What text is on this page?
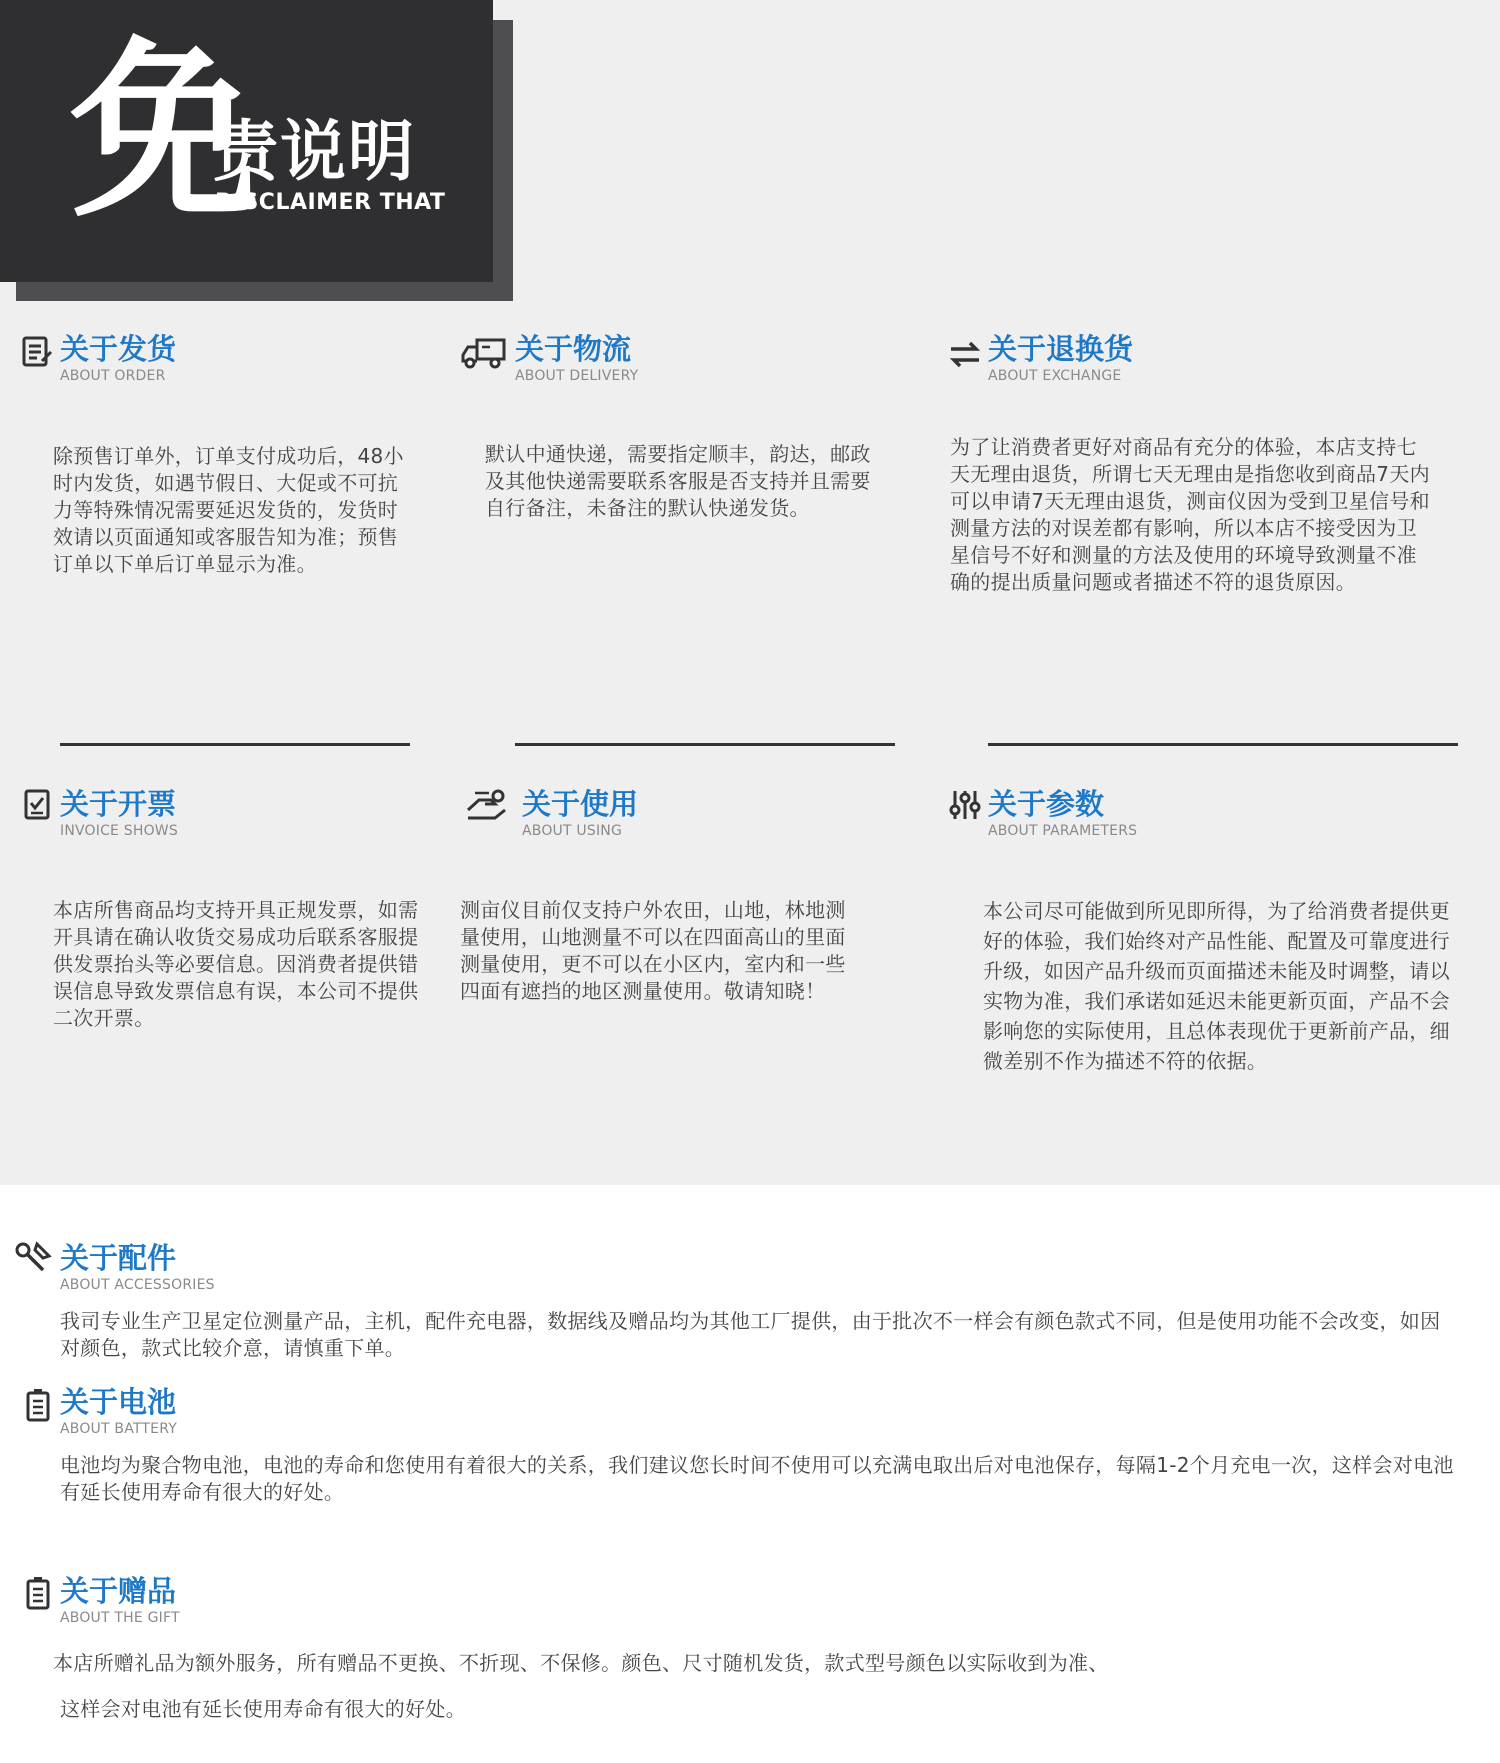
免
责说明
DISCLAIMER THAT
关于发货
ABOUT ORDER
除预售订单外，订单支付成功后，48小时内发货，如遇节假日、大促或不可抗力等特殊情况需要延迟发货的，发货时效请以页面通知或客服告知为准；预售订单以下单后订单显示为准。
关于物流
ABOUT DELIVERY
默认中通快递，需要指定顺丰，韵达，邮政及其他快递需要联系客服是否支持并且需要自行备注，未备注的默认快递发货。
关于退换货
ABOUT EXCHANGE
为了让消费者更好对商品有充分的体验，本店支持七天无理由退货，所谓七天无理由是指您收到商品7天内可以申请7天无理由退货，测亩仪因为受到卫星信号和测量方法的对误差都有影响，所以本店不接受因为卫星信号不好和测量的方法及使用的环境导致测量不准确的提出质量问题或者描述不符的退货原因。
关于开票
INVOICE SHOWS
本店所售商品均支持开具正规发票，如需开具请在确认收货交易成功后联系客服提供发票抬头等必要信息。因消费者提供错误信息导致发票信息有误，本公司不提供二次开票。
关于使用
ABOUT USING
测亩仪目前仅支持户外农田，山地，林地测量使用，山地测量不可以在四面高山的里面测量使用，更不可以在小区内，室内和一些四面有遮挡的地区测量使用。敬请知晓！
关于参数
ABOUT PARAMETERS
本公司尽可能做到所见即所得，为了给消费者提供更好的体验，我们始终对产品性能、配置及可靠度进行升级，如因产品升级而页面描述未能及时调整，请以实物为准，我们承诺如延迟未能更新页面，产品不会影响您的实际使用，且总体表现优于更新前产品，细微差别不作为描述不符的依据。
关于配件
ABOUT ACCESSORIES
我司专业生产卫星定位测量产品，主机，配件充电器，数据线及赠品均为其他工厂提供，由于批次不一样会有颜色款式不同，但是使用功能不会改变，如因对颜色，款式比较介意，请慎重下单。
关于电池
ABOUT BATTERY
电池均为聚合物电池，电池的寿命和您使用有着很大的关系，我们建议您长时间不使用可以充满电取出后对电池保存，每隔1-2个月充电一次，这样会对电池有延长使用寿命有很大的好处。
关于赠品
ABOUT THE GIFT
本店所赠礼品为额外服务，所有赠品不更换、不折现、不保修。颜色、尺寸随机发货，款式型号颜色以实际收到为准、
这样会对电池有延长使用寿命有很大的好处。
